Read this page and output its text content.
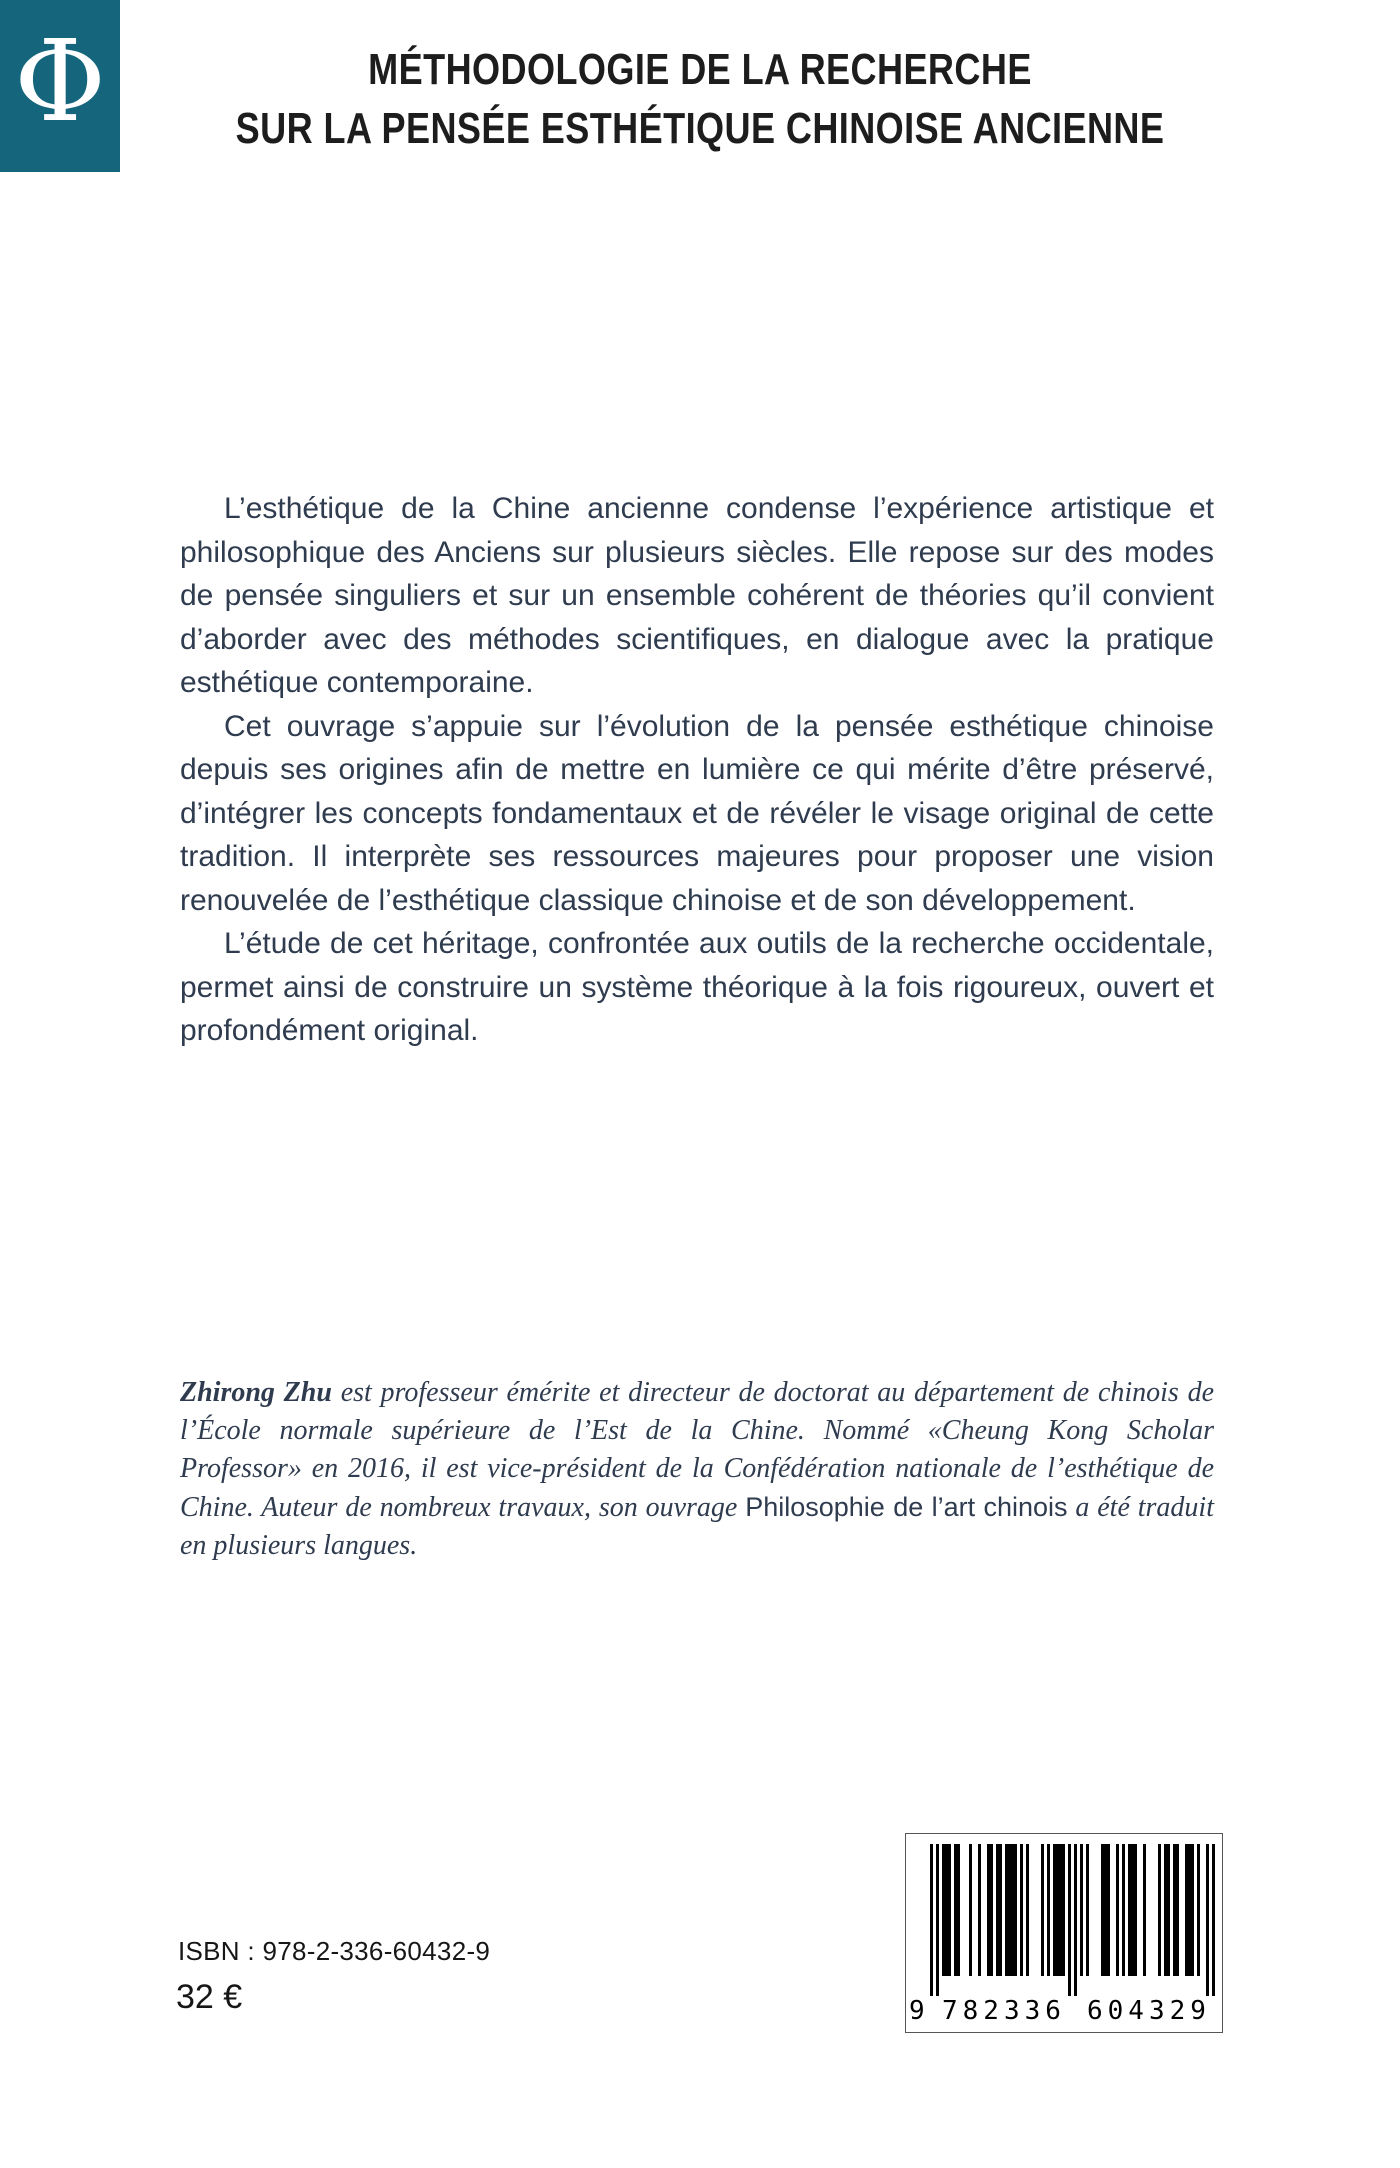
Φ	MÉTHODOLOGIE DE LA RECHERCHE
SUR LA PENSÉE ESTHÉTIQUE CHINOISE ANCIENNE

L’esthétique de la Chine ancienne condense l’expérience artistique et philosophique des Anciens sur plusieurs siècles. Elle repose sur des modes de pensée singuliers et sur un ensemble cohérent de théories qu’il convient d’aborder avec des méthodes scientifiques, en dialogue avec la pratique esthétique contemporaine.

Cet ouvrage s’appuie sur l’évolution de la pensée esthétique chinoise depuis ses origines afin de mettre en lumière ce qui mérite d’être préservé, d’intégrer les concepts fondamentaux et de révéler le visage original de cette tradition. Il interprète ses ressources majeures pour proposer une vision renouvelée de l’esthétique classique chinoise et de son développement.

L’étude de cet héritage, confrontée aux outils de la recherche occidentale, permet ainsi de construire un système théorique à la fois rigoureux, ouvert et profondément original.

Zhirong Zhu est professeur émérite et directeur de doctorat au département de chinois de l’École normale supérieure de l’Est de la Chine. Nommé «Cheung Kong Scholar Professor» en 2016, il est vice-président de la Confédération nationale de l’esthétique de Chine. Auteur de nombreux travaux, son ouvrage Philosophie de l’art chinois a été traduit en plusieurs langues.

ISBN : 978-2-336-60432-9
32 €	9 782336 604329
